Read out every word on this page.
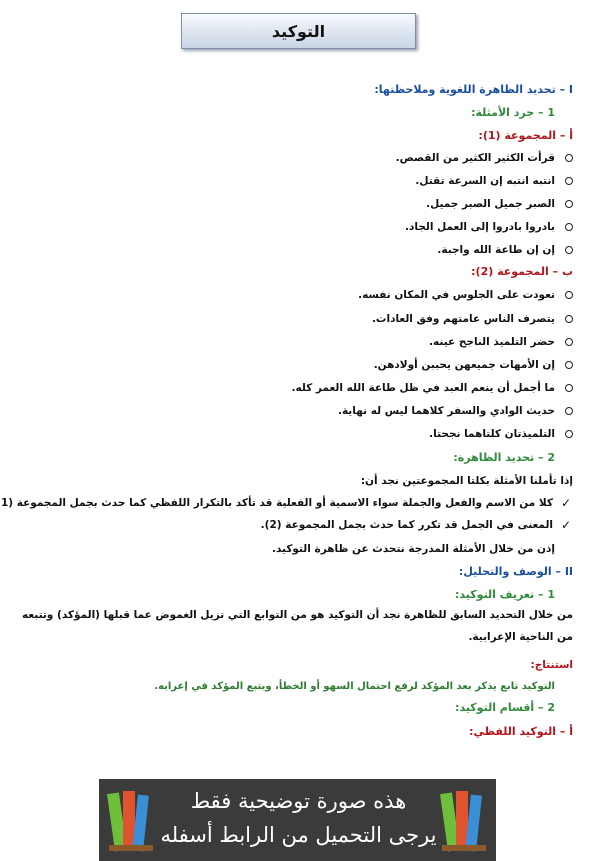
التوكيد
I – تحديد الظاهرة اللغوية وملاحظتها:
1 – جرد الأمثلة:
أ – المجموعة (1):
قرأت الكثير الكثير من القصص.
انتبه انتبه إن السرعة تقتل.
الصبر جميل الصبر جميل.
بادروا بادروا إلى العمل الجاد.
إن إن طاعة الله واجبة.
ب – المجموعة (2):
تعودت على الجلوس في المكان نفسه.
يتصرف الناس عامتهم وفق العادات.
حضر التلميذ الناجح عينه.
إن الأمهات جميعهن يحببن أولادهن.
ما أجمل أن ينعم العبد في ظل طاعة الله العمر كله.
حديث الوادي والسفر كلاهما ليس له نهاية.
التلميذتان كلتاهما نجحتا.
2 – تحديد الظاهرة:
إذا تأملنا الأمثلة بكلتا المجموعتين نجد أن:
✓
كلا من الاسم والفعل والجملة سواء الاسمية أو الفعلية قد تأكد بالتكرار اللفظي كما حدث بجمل المجموعة (1
✓
المعنى في الجمل قد تكرر كما حدث بجمل المجموعة (2).
إذن من خلال الأمثلة المدرجة نتحدث عن ظاهرة التوكيد.
II – الوصف والتحليل:
1 – تعريف التوكيد:
من خلال التحديد السابق للظاهرة نجد أن التوكيد هو من التوابع التي تزيل الغموض عما قبلها (المؤكد) وتتبعه من الناحية الإعرابية.
استنتاج:
التوكيد تابع يذكر بعد المؤكد لرفع احتمال السهو أو الخطأ، ويتبع المؤكد في إعرابه.
2 – أقسام التوكيد:
أ – التوكيد اللفظي:
هذه صورة توضيحية فقط
يرجى التحميل من الرابط أسفله
